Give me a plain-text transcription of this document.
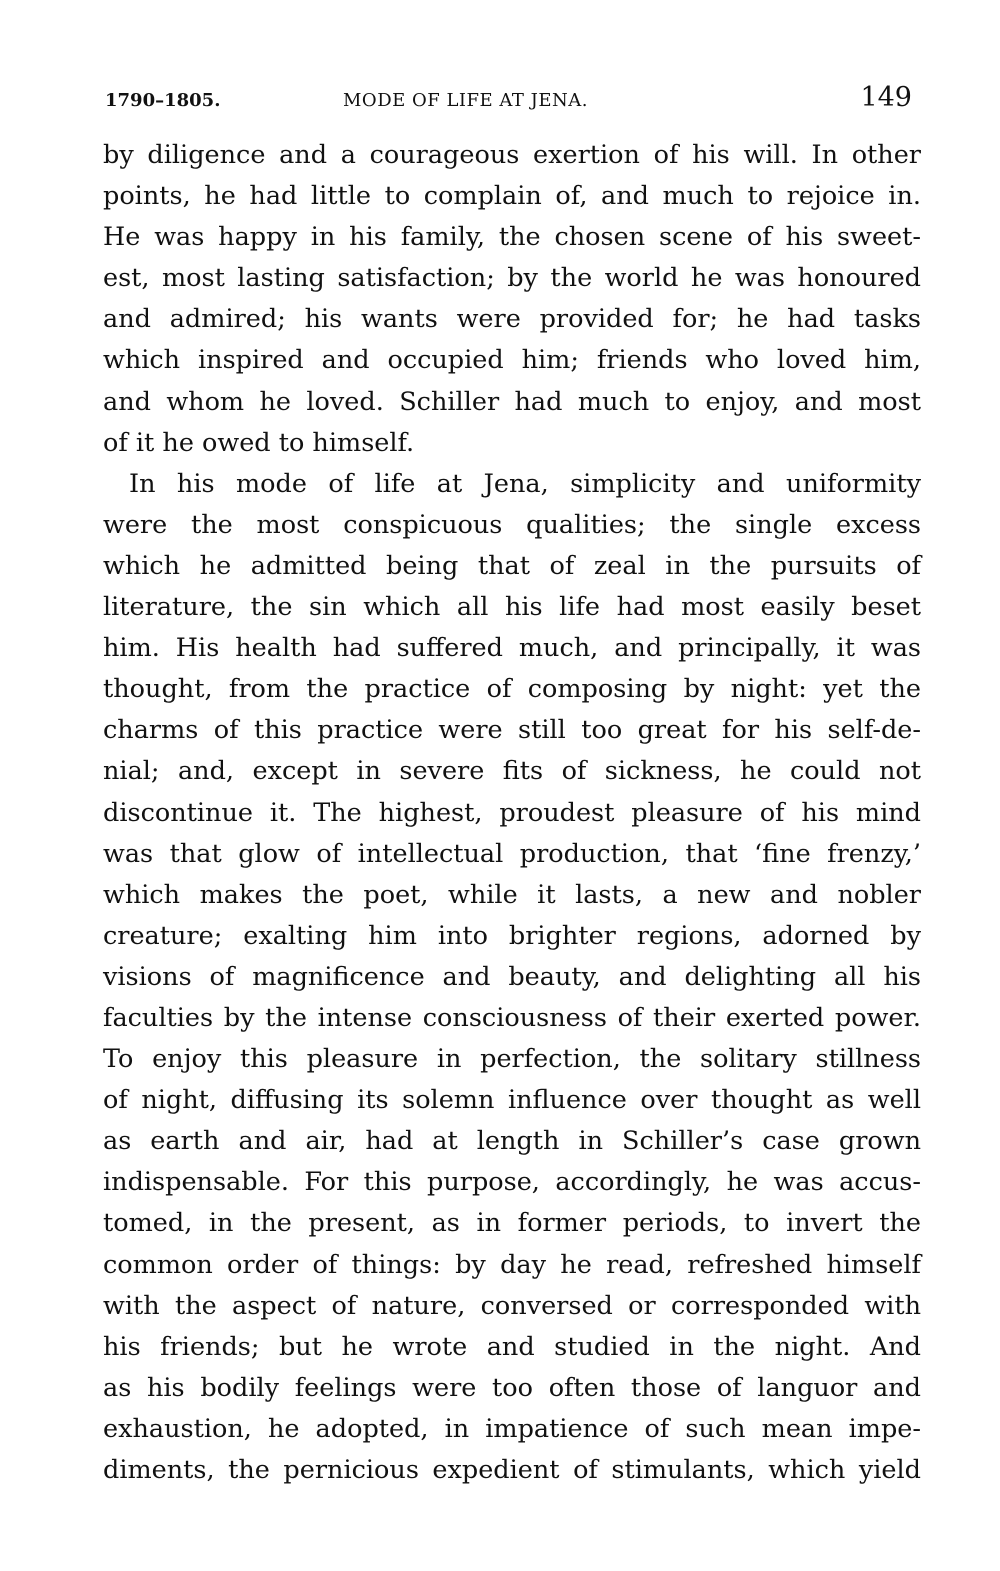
1790–1805.	MODE OF LIFE AT JENA.	149
by diligence and a courageous exertion of his will. In other
points, he had little to complain of, and much to rejoice in.
He was happy in his family, the chosen scene of his sweet-
est, most lasting satisfaction; by the world he was honoured
and admired; his wants were provided for; he had tasks
which inspired and occupied him; friends who loved him,
and whom he loved. Schiller had much to enjoy, and most
of it he owed to himself.
In his mode of life at Jena, simplicity and uniformity
were the most conspicuous qualities; the single excess
which he admitted being that of zeal in the pursuits of
literature, the sin which all his life had most easily beset
him. His health had suffered much, and principally, it was
thought, from the practice of composing by night: yet the
charms of this practice were still too great for his self-de-
nial; and, except in severe fits of sickness, he could not
discontinue it. The highest, proudest pleasure of his mind
was that glow of intellectual production, that ‘fine frenzy,’
which makes the poet, while it lasts, a new and nobler
creature; exalting him into brighter regions, adorned by
visions of magnificence and beauty, and delighting all his
faculties by the intense consciousness of their exerted power.
To enjoy this pleasure in perfection, the solitary stillness
of night, diffusing its solemn influence over thought as well
as earth and air, had at length in Schiller’s case grown
indispensable. For this purpose, accordingly, he was accus-
tomed, in the present, as in former periods, to invert the
common order of things: by day he read, refreshed himself
with the aspect of nature, conversed or corresponded with
his friends; but he wrote and studied in the night. And
as his bodily feelings were too often those of languor and
exhaustion, he adopted, in impatience of such mean impe-
diments, the pernicious expedient of stimulants, which yield
